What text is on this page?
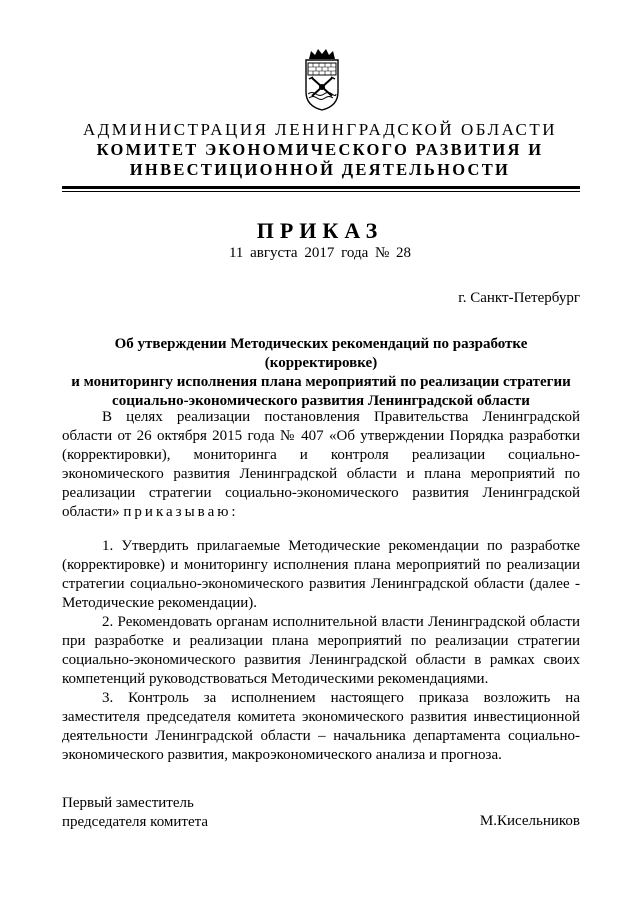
АДМИНИСТРАЦИЯ ЛЕНИНГРАДСКОЙ ОБЛАСТИ
КОМИТЕТ ЭКОНОМИЧЕСКОГО РАЗВИТИЯ И
ИНВЕСТИЦИОННОЙ ДЕЯТЕЛЬНОСТИ
ПРИКАЗ
11 августа 2017 года № 28
г. Санкт-Петербург
Об утверждении Методических рекомендаций по разработке (корректировке)
и мониторингу исполнения плана мероприятий по реализации стратегии
социально-экономического развития Ленинградской области
В целях реализации постановления Правительства Ленинградской области от 26 октября 2015 года № 407 «Об утверждении Порядка разработки (корректировки), мониторинга и контроля реализации социально-экономического развития Ленинградской области и плана мероприятий по реализации стратегии социально-экономического развития Ленинградской области» приказываю:
1. Утвердить прилагаемые Методические рекомендации по разработке (корректировке) и мониторингу исполнения плана мероприятий по реализации стратегии социально-экономического развития Ленинградской области (далее - Методические рекомендации).
2. Рекомендовать органам исполнительной власти Ленинградской области при разработке и реализации плана мероприятий по реализации стратегии социально-экономического развития Ленинградской области в рамках своих компетенций руководствоваться Методическими рекомендациями.
3. Контроль за исполнением настоящего приказа возложить на заместителя председателя комитета экономического развития инвестиционной деятельности Ленинградской области – начальника департамента социально-экономического развития, макроэкономического анализа и прогноза.
Первый заместитель
председателя комитета	М.Кисельников
